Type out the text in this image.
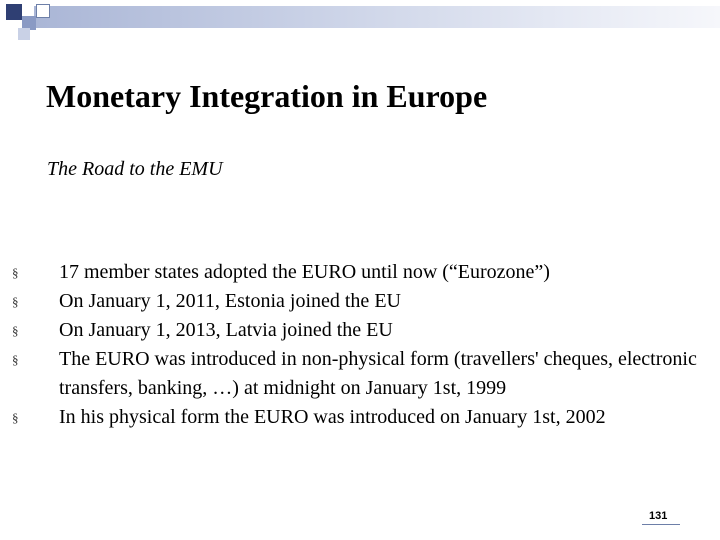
Monetary Integration in Europe

The Road to the EMU

§	17 member states adopted the EURO until now (“Eurozone”)
§	On January 1, 2011, Estonia joined the EU
§	On January 1, 2013, Latvia joined the EU
§	The EURO was introduced in non-physical form (travellers' cheques, electronic transfers, banking, …) at midnight on January 1st, 1999
§	In his physical form the EURO was introduced on January 1st, 2002
131
